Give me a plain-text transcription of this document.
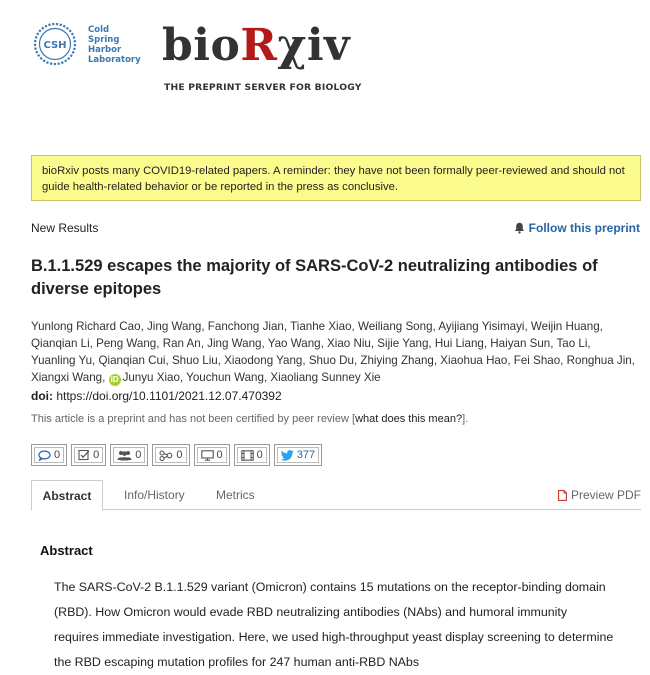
CSH
Cold
Spring
Harbor
Laboratory bioRχiv
THE PREPRINT SERVER FOR BIOLOGY
bioRxiv posts many COVID19-related papers. A reminder: they have not been formally peer-reviewed and should not guide health-related behavior or be reported in the press as conclusive.
New Results	Follow this preprint
B.1.1.529 escapes the majority of SARS-CoV-2 neutralizing antibodies of diverse epitopes
Yunlong Richard Cao, Jing Wang, Fanchong Jian, Tianhe Xiao, Weiliang Song, Ayijiang Yisimayi, Weijin Huang, Qianqian Li, Peng Wang, Ran An, Jing Wang, Yao Wang, Xiao Niu, Sijie Yang, Hui Liang, Haiyan Sun, Tao Li, Yuanling Yu, Qianqian Cui, Shuo Liu, Xiaodong Yang, Shuo Du, Zhiying Zhang, Xiaohua Hao, Fei Shao, Ronghua Jin, Xiangxi Wang, iD Junyu Xiao, Youchun Wang, Xiaoliang Sunney Xie
doi: https://doi.org/10.1101/2021.12.07.470392
This article is a preprint and has not been certified by peer review [what does this mean?].
0	0	0	0	0	0	377
Abstract	Info/History	Metrics	Preview PDF
Abstract
The SARS-CoV-2 B.1.1.529 variant (Omicron) contains 15 mutations on the receptor-binding domain (RBD). How Omicron would evade RBD neutralizing antibodies (NAbs) and humoral immunity requires immediate investigation. Here, we used high-throughput yeast display screening to determine the RBD escaping mutation profiles for 247 human anti-RBD NAbs
